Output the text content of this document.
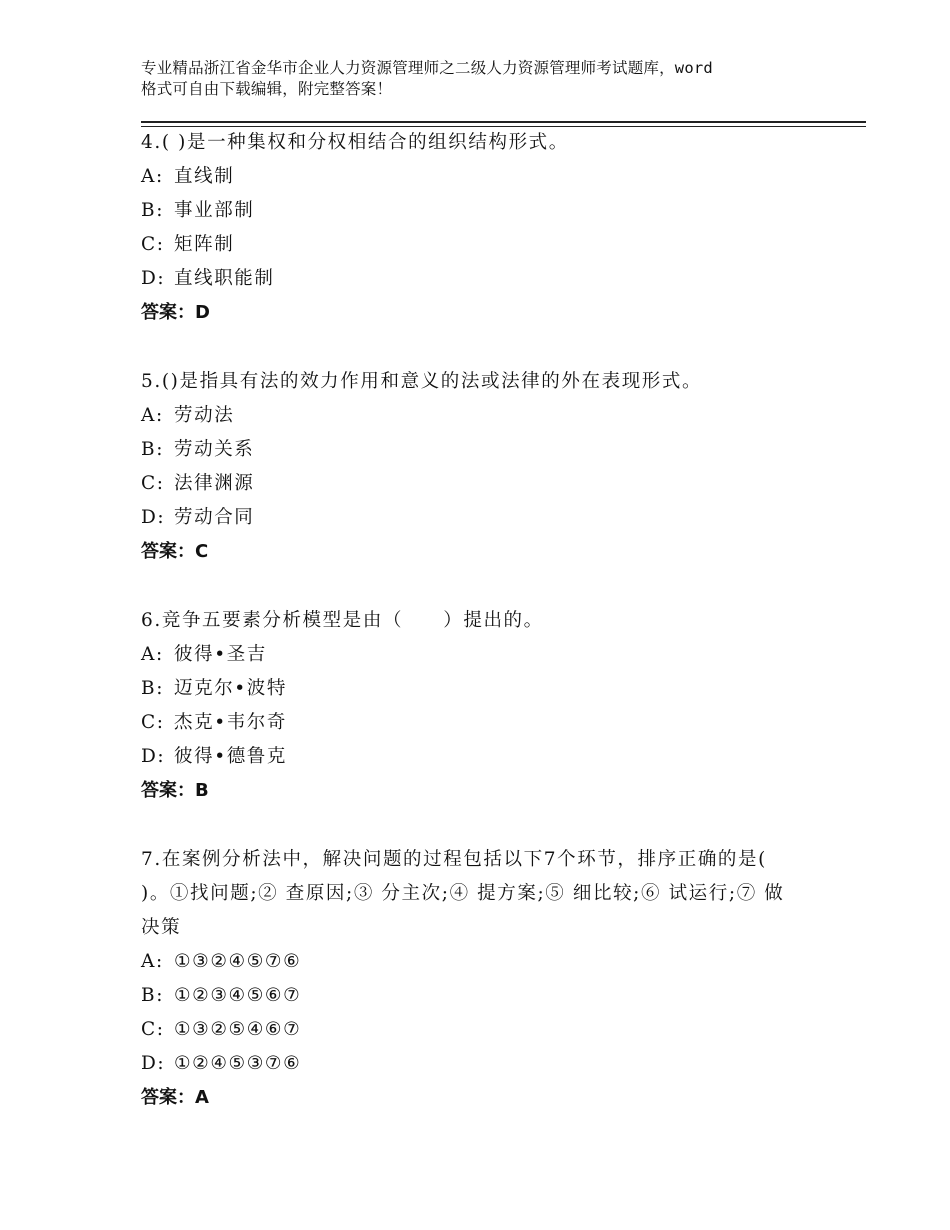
专业精品浙江省金华市企业人力资源管理师之二级人力资源管理师考试题库，word
格式可自由下载编辑，附完整答案！

4.( )是一种集权和分权相结合的组织结构形式。

A: 直线制

B: 事业部制

C: 矩阵制

D: 直线职能制

答案：D

5.()是指具有法的效力作用和意义的法或法律的外在表现形式。

A: 劳动法

B: 劳动关系

C: 法律渊源

D: 劳动合同

答案：C

6.竞争五要素分析模型是由（　　）提出的。

A: 彼得•圣吉

B: 迈克尔•波特

C: 杰克•韦尔奇

D: 彼得•德鲁克

答案：B

7.在案例分析法中，解决问题的过程包括以下7个环节，排序正确的是( )。①找问题;② 查原因;③ 分主次;④ 提方案;⑤ 细比较;⑥ 试运行;⑦ 做决策

A: ①③②④⑤⑦⑥

B: ①②③④⑤⑥⑦

C: ①③②⑤④⑥⑦

D: ①②④⑤③⑦⑥

答案：A
